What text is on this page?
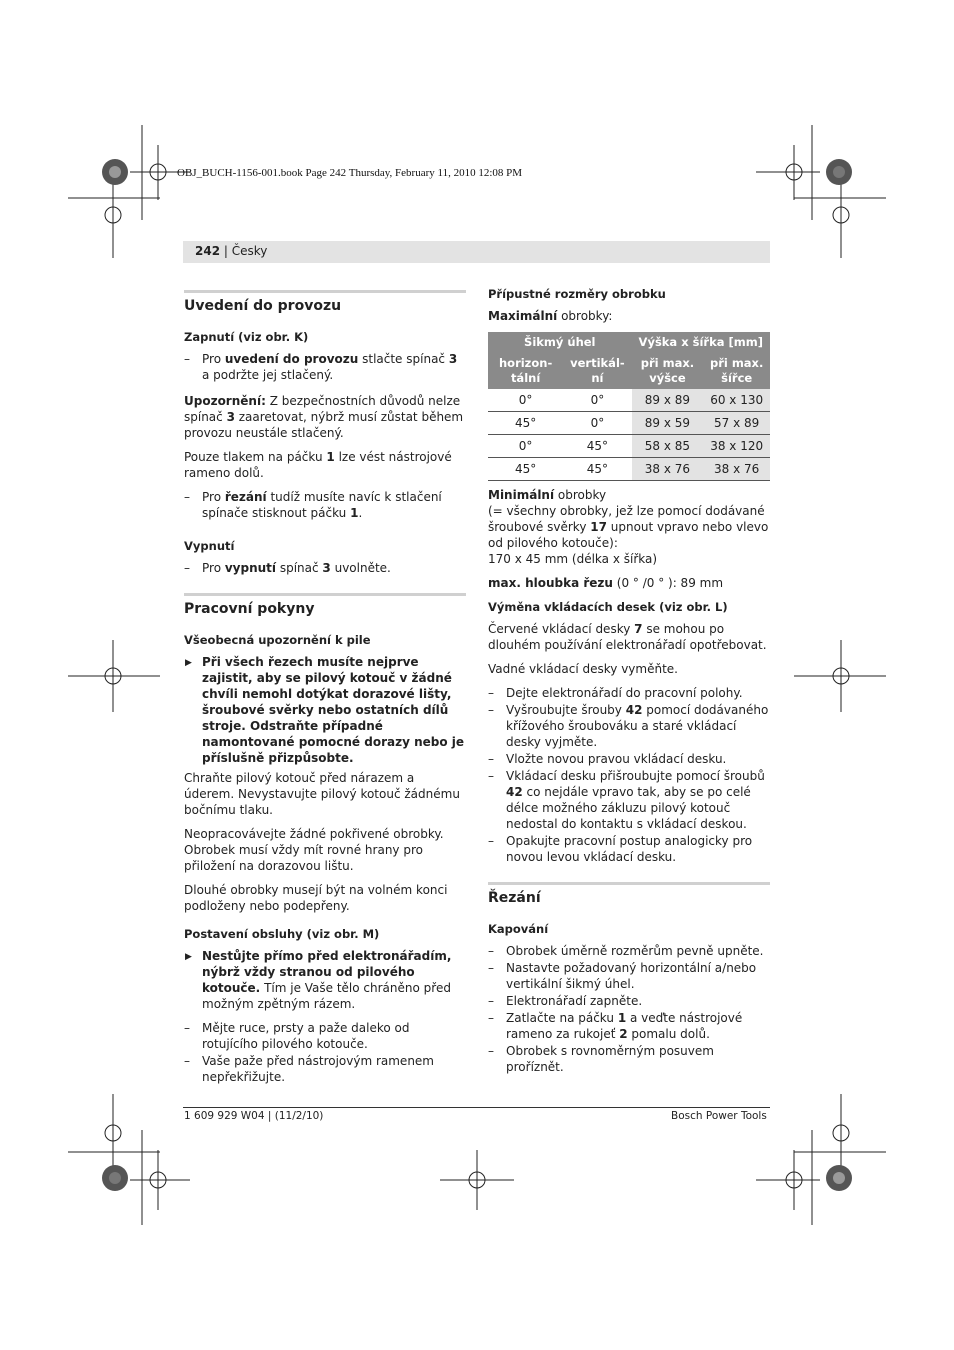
OBJ_BUCH-1156-001.book Page 242 Thursday, February 11, 2010 12:08 PM
242 | Česky
Uvedení do provozu
Zapnutí (viz obr. K)
– Pro uvedení do provozu stlačte spínač 3 a podržte jej stlačený.

Upozornění: Z bezpečnostních důvodů nelze spínač 3 zaaretovat, nýbrž musí zůstat během provozu neustále stlačený.

Pouze tlakem na páčku 1 lze vést nástrojové rameno dolů.

– Pro řezání tudíž musíte navíc k stlačení spínače stisknout páčku 1.
Vypnutí
– Pro vypnutí spínač 3 uvolněte.
Pracovní pokyny
Všeobecná upozornění k pile
▶ Při všech řezech musíte nejprve zajistit, aby se pilový kotouč v žádné chvíli nemohl dotýkat dorazové lišty, šroubové svěrky nebo ostatních dílů stroje. Odstraňte případné namontované pomocné dorazy nebo je příslušně přizpůsobte.

Chraňte pilový kotouč před nárazem a úderem. Nevystavujte pilový kotouč žádnému bočnímu tlaku.

Neopracovávejte žádné pokřivené obrobky. Obrobek musí vždy mít rovné hrany pro přiložení na dorazovou lištu.

Dlouhé obrobky musejí být na volném konci podloženy nebo podepřeny.

Postavení obsluhy (viz obr. M)
▶ Nestůjte přímo před elektronářadím, nýbrž vždy stranou od pilového kotouče. Tím je Vaše tělo chráněno před možným zpětným rázem.
– Mějte ruce, prsty a paže daleko od rotujícího pilového kotouče.
– Vaše paže před nástrojovým ramenem nepřekřižujte.
Přípustné rozměry obrobku

Maximální obrobky:

Šikmý úhel		Výška x šířka [mm]	
horizon-tální	vertikál-ní	při max. výšce	při max. šířce
0°	0°	89 x 89	60 x 130
45°	0°	89 x 59	57 x 89
0°	45°	58 x 85	38 x 120
45°	45°	38 x 76	38 x 76
Minimální obrobky
(= všechny obrobky, jež lze pomocí dodávané šroubové svěrky 17 upnout vpravo nebo vlevo od pilového kotouče):

170 x 45 mm (délka x šířka)

max. hloubka řezu (0 ° /0 ° ): 89 mm

Výměna vkládacích desek (viz obr. L)

Červené vkládací desky 7 se mohou po dlouhém používání elektronářadí opotřebovat.

Vadné vkládací desky vyměňte.

– Dejte elektronářadí do pracovní polohy.
– Vyšroubujte šrouby 42 pomocí dodávaného křížového šroubováku a staré vkládací desky vyjměte.
– Vložte novou pravou vkládací desku.
– Vkládací desku přišroubujte pomocí šroubů 42 co nejdále vpravo tak, aby se po celé délce možného zákluzu pilový kotouč nedostal do kontaktu s vkládací deskou.
– Opakujte pracovní postup analogicky pro novou levou vkládací desku.
Řezání
Kapování
– Obrobek úměrně rozměrům pevně upněte.
– Nastavte požadovaný horizontální a/nebo vertikální šikmý úhel.
– Elektronářadí zapněte.
– Zatlačte na páčku 1 a veďte nástrojové rameno za rukojeť 2 pomalu dolů.
– Obrobek s rovnoměrným posuvem proříznět.
1 609 929 W04 | (11/2/10)	Bosch Power Tools
